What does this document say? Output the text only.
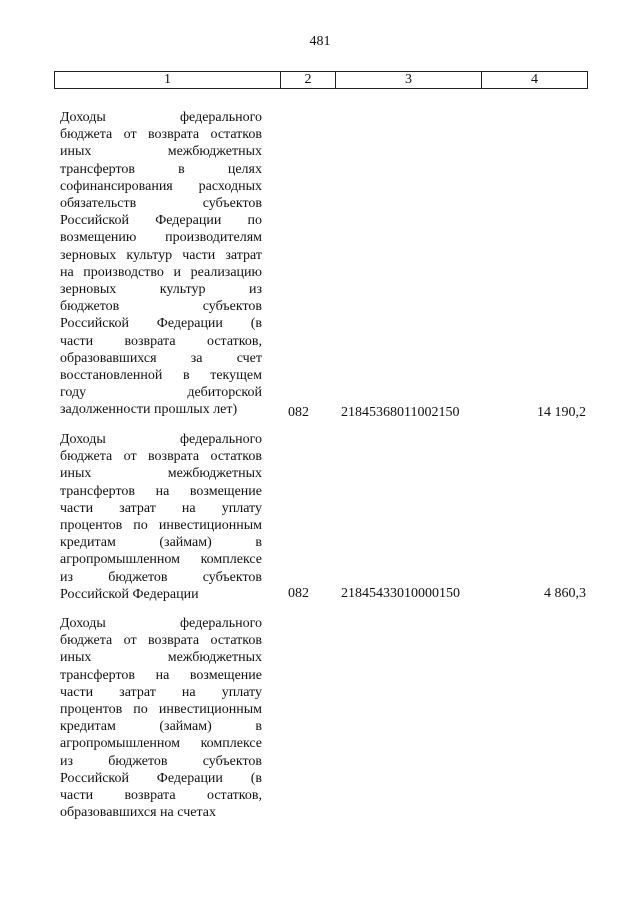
481
1	2	3	4
Доходы федерального
бюджета от возврата остатков
иных межбюджетных
трансфертов в целях
софинансирования расходных
обязательств субъектов
Российской Федерации по
возмещению производителям
зерновых культур части затрат
на производство и реализацию
зерновых культур из
бюджетов субъектов
Российской Федерации (в
части возврата остатков,
образовавшихся за счет
восстановленной в текущем
году дебиторской
задолженности прошлых лет)	082 21845368011002150	14 190,2
Доходы федерального
бюджета от возврата остатков
иных межбюджетных
трансфертов на возмещение
части затрат на уплату
процентов по инвестиционным
кредитам (займам) в
агропромышленном комплексе
из бюджетов субъектов
Российской Федерации	082 21845433010000150	4 860,3
Доходы федерального
бюджета от возврата остатков
иных межбюджетных
трансфертов на возмещение
части затрат на уплату
процентов по инвестиционным
кредитам (займам) в
агропромышленном комплексе
из бюджетов субъектов
Российской Федерации (в
части возврата остатков,
образовавшихся на счетах
